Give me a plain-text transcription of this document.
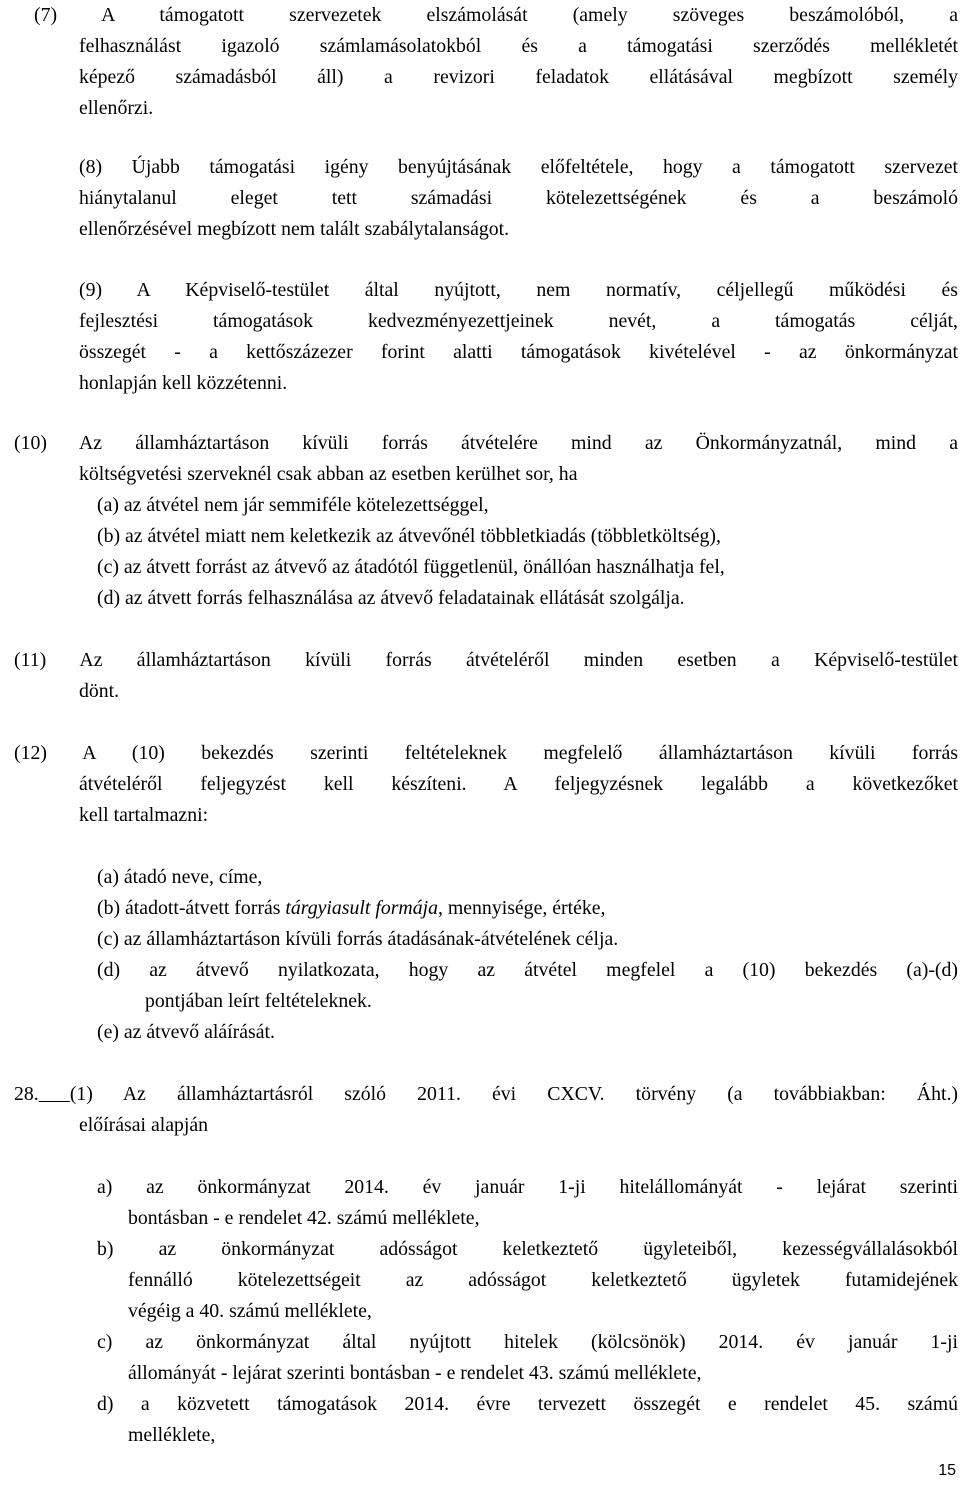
(7) A támogatott szervezetek elszámolását (amely szöveges beszámolóból, a
felhasználást igazoló számlamásolatokból és a támogatási szerződés mellékletét
képező számadásból áll) a revizori feladatok ellátásával megbízott személy
ellenőrzi.
(8) Újabb támogatási igény benyújtásának előfeltétele, hogy a támogatott szervezet
hiánytalanul eleget tett számadási kötelezettségének és a beszámoló
ellenőrzésével megbízott nem talált szabálytalanságot.
(9) A Képviselő-testület által nyújtott, nem normatív, céljellegű működési és
fejlesztési támogatások kedvezményezettjeinek nevét, a támogatás célját,
összegét - a kettőszázezer forint alatti támogatások kivételével - az önkormányzat
honlapján kell közzétenni.
(10) Az államháztartáson kívüli forrás átvételére mind az Önkormányzatnál, mind a
költségvetési szerveknél csak abban az esetben kerülhet sor, ha
(a) az átvétel nem jár semmiféle kötelezettséggel,
(b) az átvétel miatt nem keletkezik az átvevőnél többletkiadás (többletköltség),
(c) az átvett forrást az átvevő az átadótól függetlenül, önállóan használhatja fel,
(d) az átvett forrás felhasználása az átvevő feladatainak ellátását szolgálja.
(11) Az államháztartáson kívüli forrás átvételéről minden esetben a Képviselő-testület
dönt.
(12) A (10) bekezdés szerinti feltételeknek megfelelő államháztartáson kívüli forrás
átvételéről feljegyzést kell készíteni. A feljegyzésnek legalább a következőket
kell tartalmazni:
(a) átadó neve, címe,
(b) átadott-átvett forrás tárgyiasult formája, mennyisége, értéke,
(c) az államháztartáson kívüli forrás átadásának-átvételének célja.
(d) az átvevő nyilatkozata, hogy az átvétel megfelel a (10) bekezdés (a)-(d)
pontjában leírt feltételeknek.
(e) az átvevő aláírását.
28. (1) Az államháztartásról szóló 2011. évi CXCV. törvény (a továbbiakban: Áht.)
előírásai alapján
a) az önkormányzat 2014. év január 1-ji hitelállományát - lejárat szerinti
bontásban - e rendelet 42. számú melléklete,
b) az önkormányzat adósságot keletkeztető ügyleteiből, kezességvállalásokból
fennálló kötelezettségeit az adósságot keletkeztető ügyletek futamidejének
végéig a 40. számú melléklete,
c) az önkormányzat által nyújtott hitelek (kölcsönök) 2014. év január 1-ji
állományát - lejárat szerinti bontásban - e rendelet 43. számú melléklete,
d) a közvetett támogatások 2014. évre tervezett összegét e rendelet 45. számú
melléklete,
15
